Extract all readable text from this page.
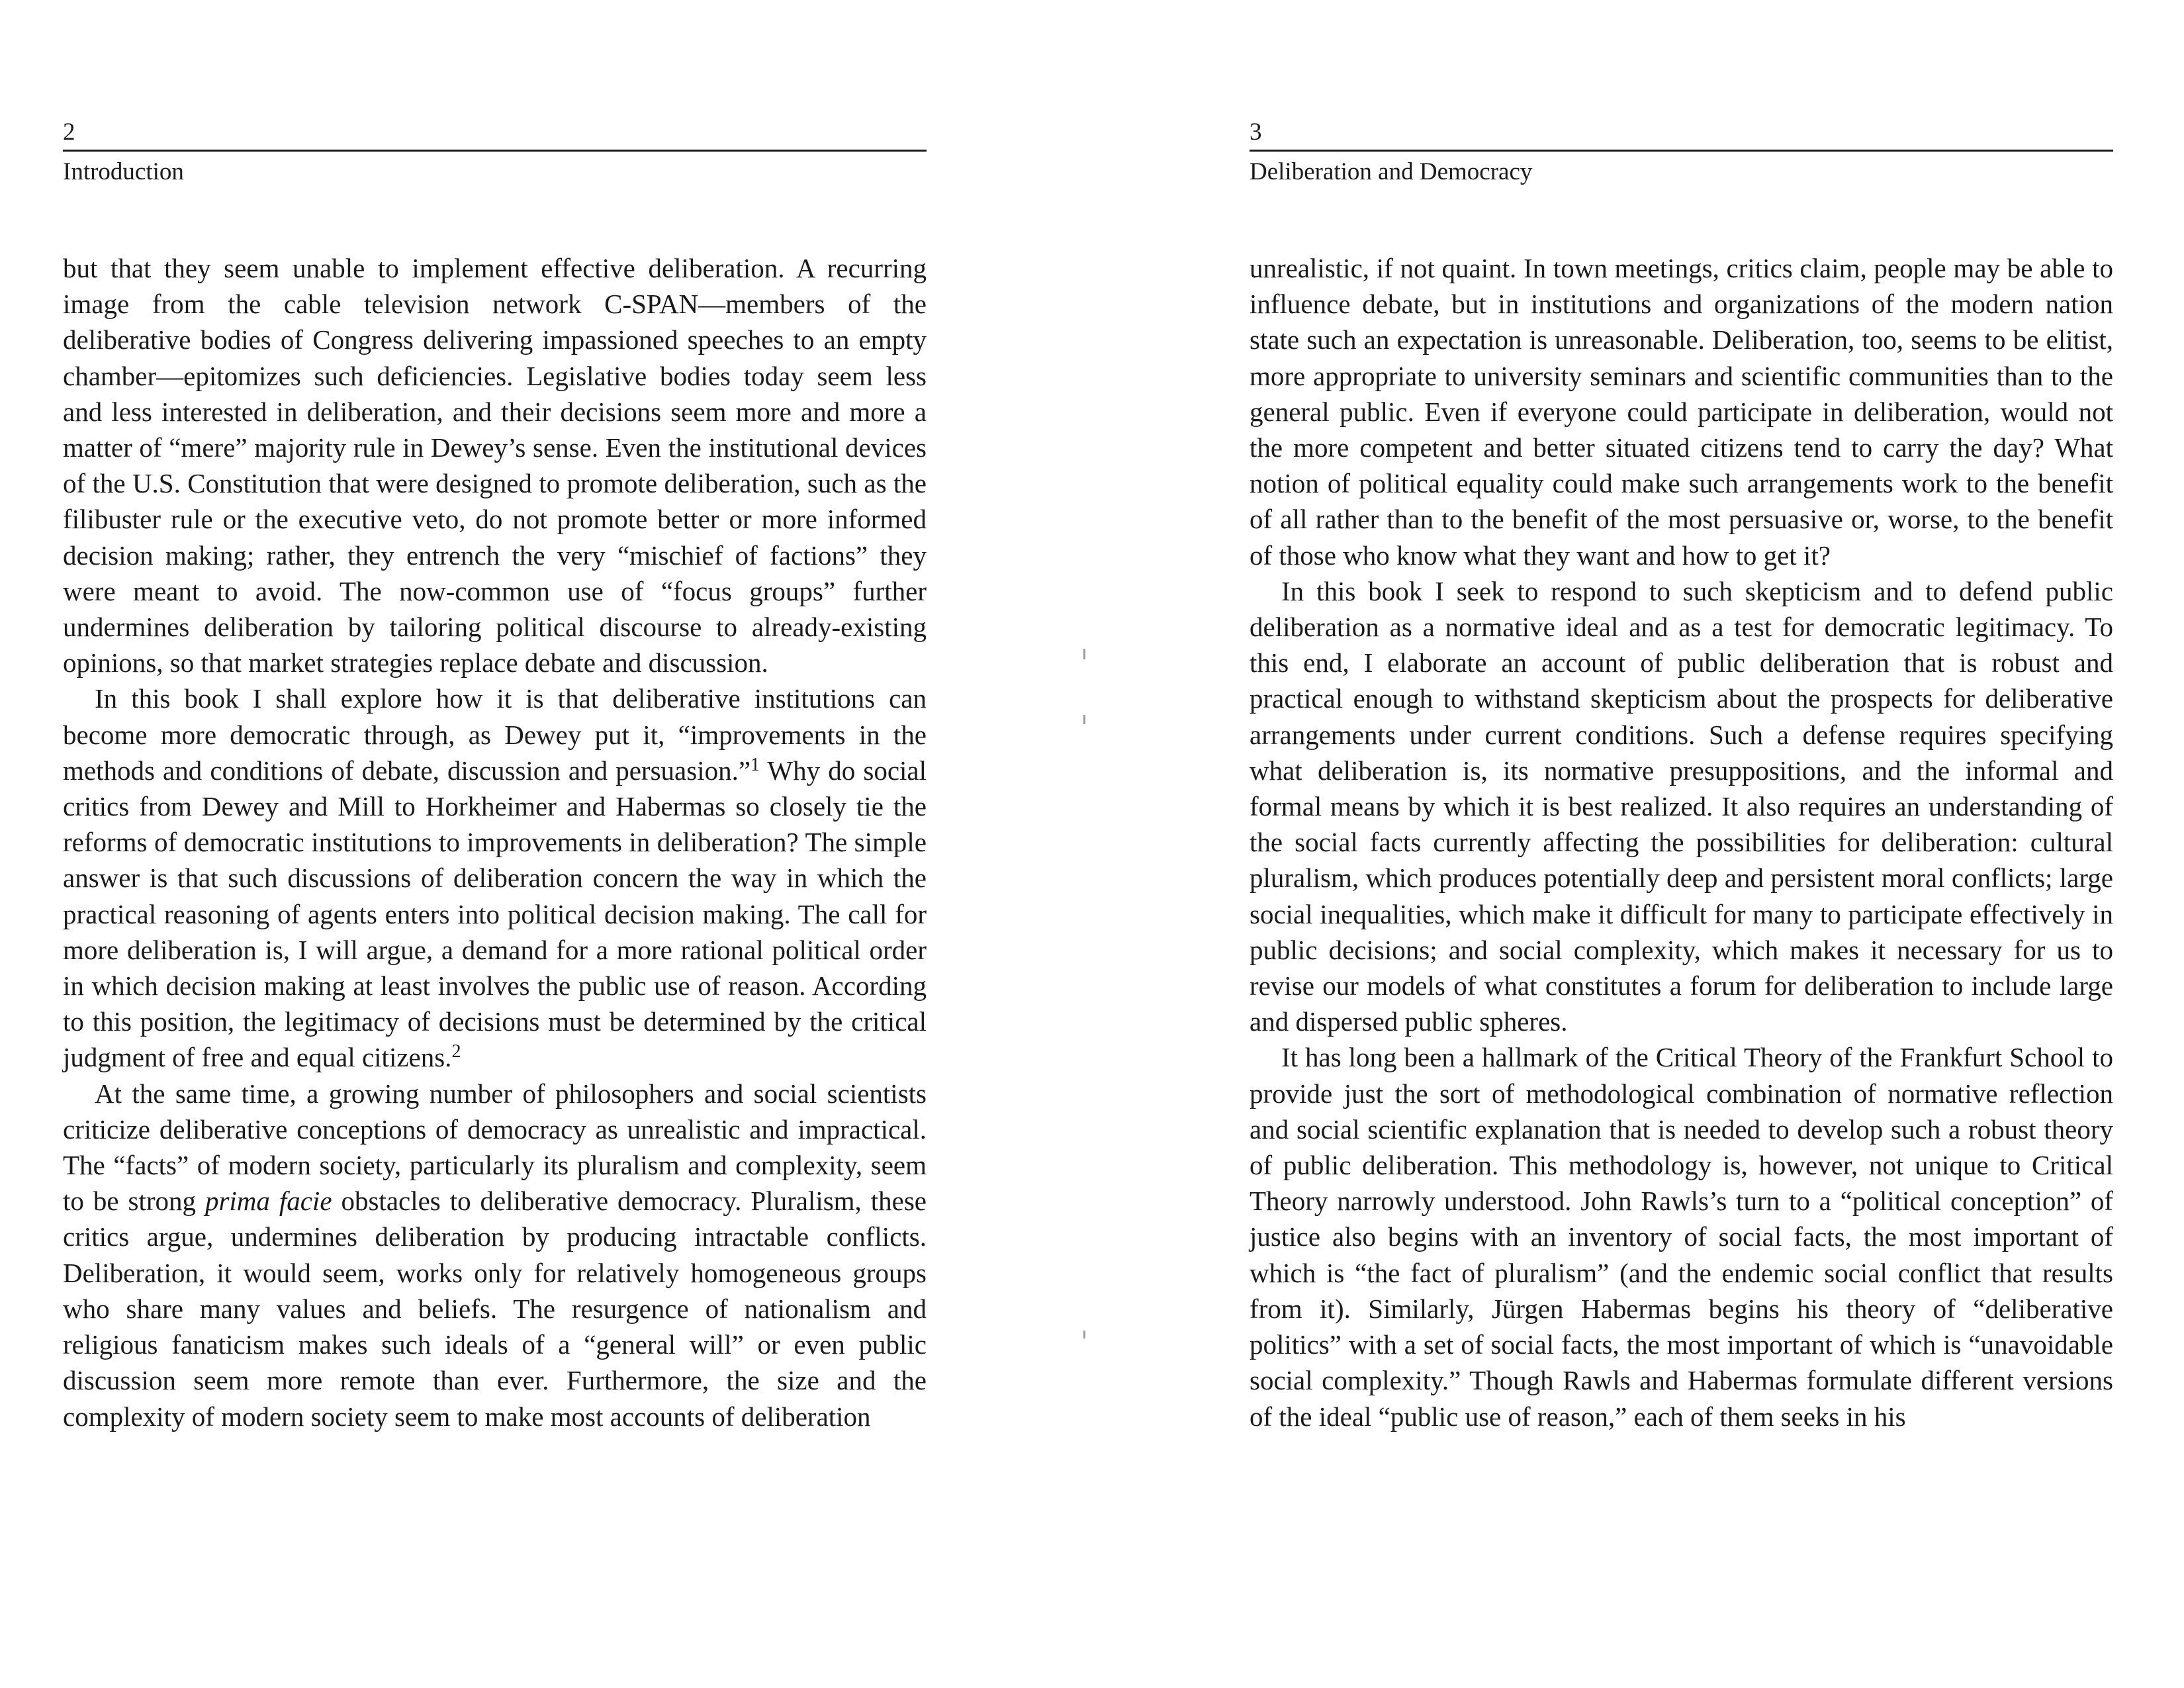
2
Introduction

but that they seem unable to implement effective deliberation. A recurring image from the cable television network C-SPAN—members of the deliberative bodies of Congress delivering impassioned speeches to an empty chamber—epitomizes such deficiencies. Legislative bodies today seem less and less interested in deliberation, and their decisions seem more and more a matter of “mere” majority rule in Dewey’s sense. Even the institutional devices of the U.S. Constitution that were designed to promote deliberation, such as the filibuster rule or the executive veto, do not promote better or more informed decision making; rather, they entrench the very “mischief of factions” they were meant to avoid. The now-common use of “focus groups” further undermines deliberation by tailoring political discourse to already-existing opinions, so that market strategies replace debate and discussion.

In this book I shall explore how it is that deliberative institutions can become more democratic through, as Dewey put it, “improvements in the methods and conditions of debate, discussion and persuasion.”$^1$ Why do social critics from Dewey and Mill to Horkheimer and Habermas so closely tie the reforms of democratic institutions to improvements in deliberation? The simple answer is that such discussions of deliberation concern the way in which the practical reasoning of agents enters into political decision making. The call for more deliberation is, I will argue, a demand for a more rational political order in which decision making at least involves the public use of reason. According to this position, the legitimacy of decisions must be determined by the critical judgment of free and equal citizens.$^2$

At the same time, a growing number of philosophers and social scientists criticize deliberative conceptions of democracy as unrealistic and impractical. The “facts” of modern society, particularly its pluralism and complexity, seem to be strong prima facie obstacles to deliberative democracy. Pluralism, these critics argue, undermines deliberation by producing intractable conflicts. Deliberation, it would seem, works only for relatively homogeneous groups who share many values and beliefs. The resurgence of nationalism and religious fanaticism makes such ideals of a “general will” or even public discussion seem more remote than ever. Furthermore, the size and the complexity of modern society seem to make most accounts of deliberation

3
Deliberation and Democracy

unrealistic, if not quaint. In town meetings, critics claim, people may be able to influence debate, but in institutions and organizations of the modern nation state such an expectation is unreasonable. Deliberation, too, seems to be elitist, more appropriate to university seminars and scientific communities than to the general public. Even if everyone could participate in deliberation, would not the more competent and better situated citizens tend to carry the day? What notion of political equality could make such arrangements work to the benefit of all rather than to the benefit of the most persuasive or, worse, to the benefit of those who know what they want and how to get it?

In this book I seek to respond to such skepticism and to defend public deliberation as a normative ideal and as a test for democratic legitimacy. To this end, I elaborate an account of public deliberation that is robust and practical enough to withstand skepticism about the prospects for deliberative arrangements under current conditions. Such a defense requires specifying what deliberation is, its normative presuppositions, and the informal and formal means by which it is best realized. It also requires an understanding of the social facts currently affecting the possibilities for deliberation: cultural pluralism, which produces potentially deep and persistent moral conflicts; large social inequalities, which make it difficult for many to participate effectively in public decisions; and social complexity, which makes it necessary for us to revise our models of what constitutes a forum for deliberation to include large and dispersed public spheres.

It has long been a hallmark of the Critical Theory of the Frankfurt School to provide just the sort of methodological combination of normative reflection and social scientific explanation that is needed to develop such a robust theory of public deliberation. This methodology is, however, not unique to Critical Theory narrowly understood. John Rawls’s turn to a “political conception” of justice also begins with an inventory of social facts, the most important of which is “the fact of pluralism” (and the endemic social conflict that results from it). Similarly, Jürgen Habermas begins his theory of “deliberative politics” with a set of social facts, the most important of which is “unavoidable social complexity.” Though Rawls and Habermas formulate different versions of the ideal “public use of reason,” each of them seeks in his
